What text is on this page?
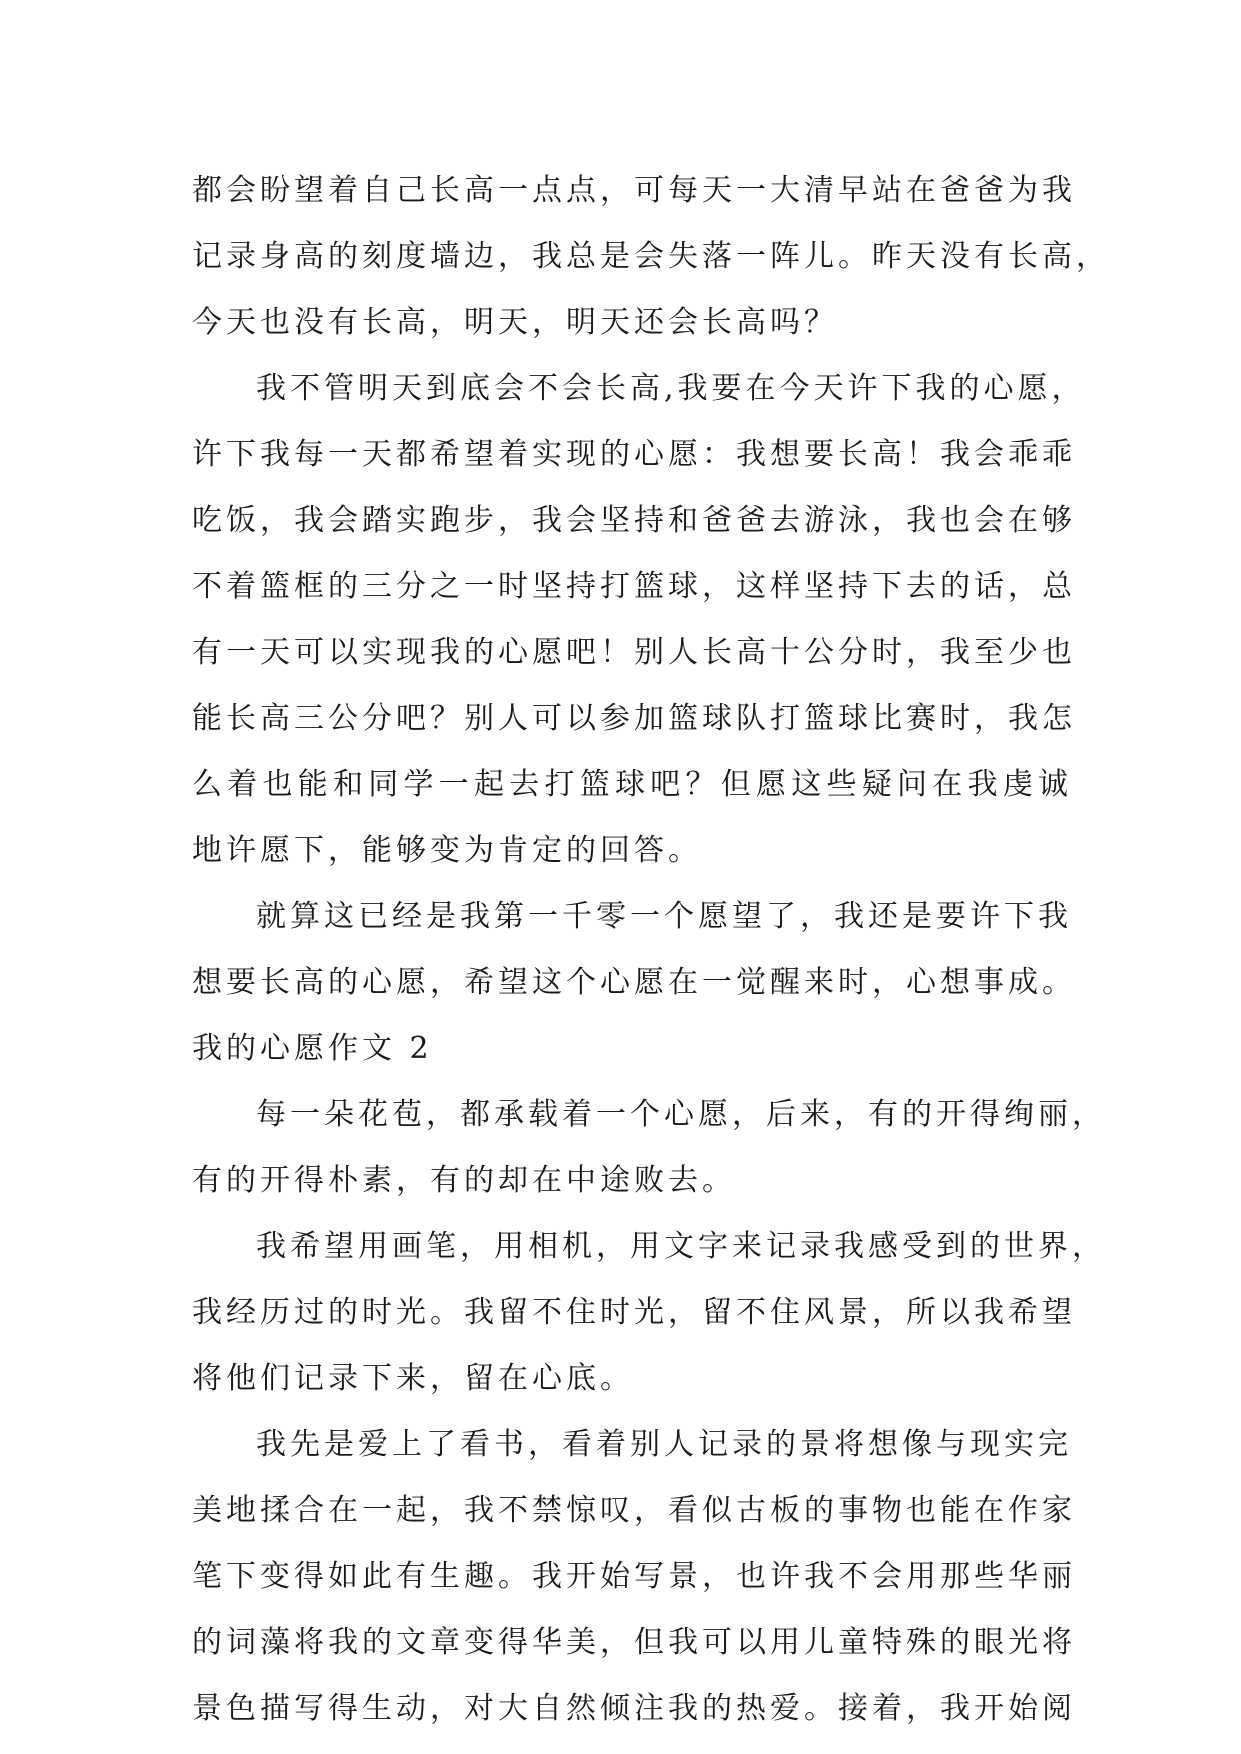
都 会 盼 望 着 自 己 长 高 一 点 点 ， 可 每 天 一 大 清 早 站 在 爸 爸 为 我
记 录 身 高 的 刻 度 墙 边 ， 我 总 是 会 失 落 一 阵 儿 。 昨 天 没 有 长 高 ，
今天也没有长高，明天，明天还会长高吗？
我 不 管 明 天 到 底 会 不 会 长 高 , 我 要 在 今 天 许 下 我 的 心 愿 ，
许 下 我 每 一 天 都 希 望 着 实 现 的 心 愿 ： 我 想 要 长 高 ！ 我 会 乖 乖
吃 饭 ， 我 会 踏 实 跑 步 ， 我 会 坚 持 和 爸 爸 去 游 泳 ， 我 也 会 在 够
不 着 篮 框 的 三 分 之 一 时 坚 持 打 篮 球 ， 这 样 坚 持 下 去 的 话 ， 总
有 一 天 可 以 实 现 我 的 心 愿 吧 ！ 别 人 长 高 十 公 分 时 ， 我 至 少 也
能 长 高 三 公 分 吧 ？ 别 人 可 以 参 加 篮 球 队 打 篮 球 比 赛 时 ， 我 怎
么 着 也 能 和 同 学 一 起 去 打 篮 球 吧 ？ 但 愿 这 些 疑 问 在 我 虔 诚
地许愿下，能够变为肯定的回答。
就 算 这 已 经 是 我 第 一 千 零 一 个 愿 望 了 ， 我 还 是 要 许 下 我
想 要 长 高 的 心 愿 ， 希 望 这 个 心 愿 在 一 觉 醒 来 时 ， 心 想 事 成 。
我的心愿作文 2
每 一 朵 花 苞 ， 都 承 载 着 一 个 心 愿 ， 后 来 ， 有 的 开 得 绚 丽 ，
有的开得朴素，有的却在中途败去。
我 希 望 用 画 笔 ， 用 相 机 ， 用 文 字 来 记 录 我 感 受 到 的 世 界 ，
我 经 历 过 的 时 光 。 我 留 不 住 时 光 ， 留 不 住 风 景 ， 所 以 我 希 望
将他们记录下来，留在心底。
我 先 是 爱 上 了 看 书 ， 看 着 别 人 记 录 的 景 将 想 像 与 现 实 完
美 地 揉 合 在 一 起 ， 我 不 禁 惊 叹 ， 看 似 古 板 的 事 物 也 能 在 作 家
笔 下 变 得 如 此 有 生 趣 。 我 开 始 写 景 ， 也 许 我 不 会 用 那 些 华 丽
的 词 藻 将 我 的 文 章 变 得 华 美 ， 但 我 可 以 用 儿 童 特 殊 的 眼 光 将
景 色 描 写 得 生 动 ， 对 大 自 然 倾 注 我 的 热 爱 。 接 着 ， 我 开 始 阅
